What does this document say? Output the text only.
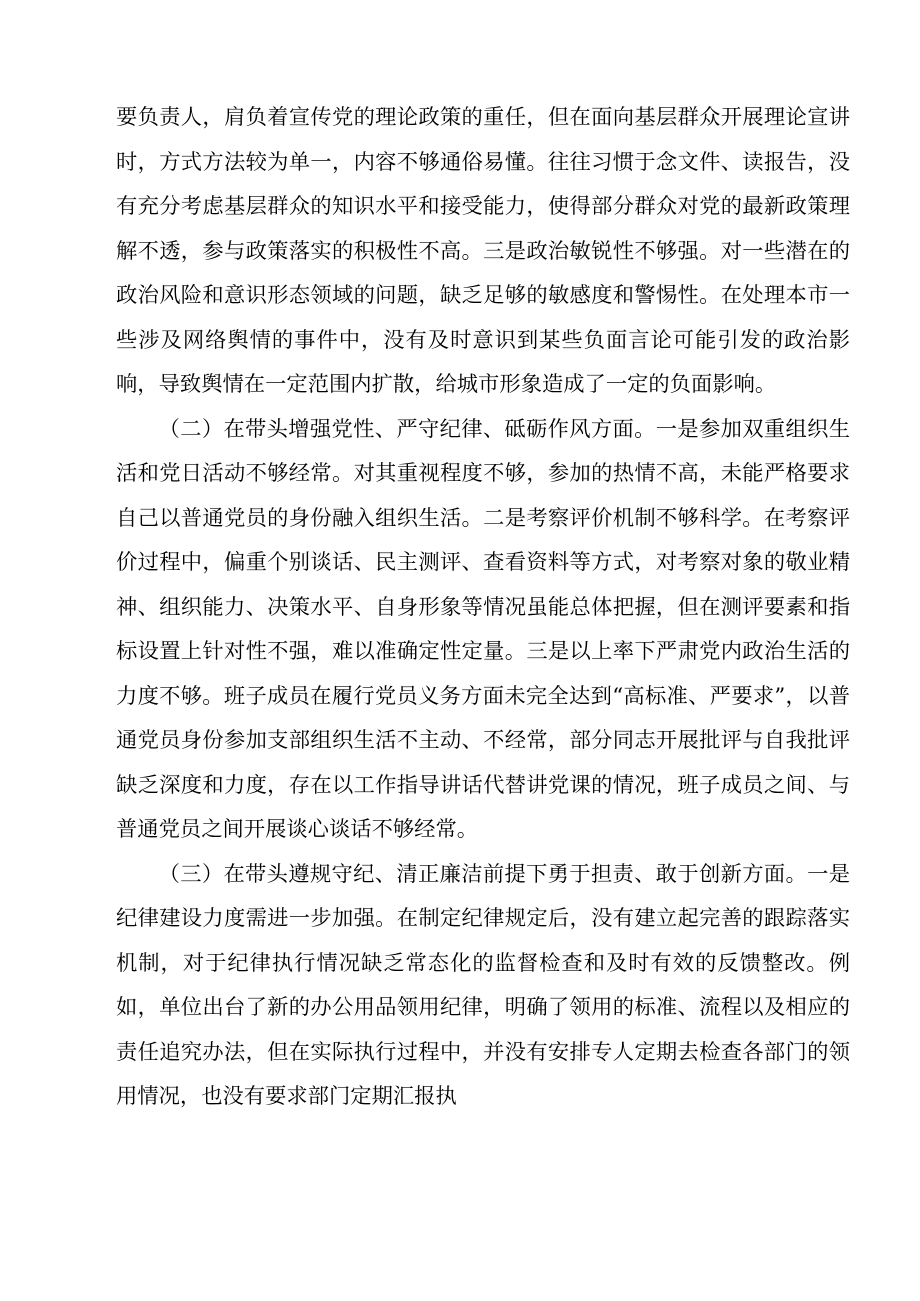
要负责人，肩负着宣传党的理论政策的重任，但在面向基层群众开展理论宣讲时，方式方法较为单一，内容不够通俗易懂。往往习惯于念文件、读报告，没有充分考虑基层群众的知识水平和接受能力，使得部分群众对党的最新政策理解不透，参与政策落实的积极性不高。三是政治敏锐性不够强。对一些潜在的政治风险和意识形态领域的问题，缺乏足够的敏感度和警惕性。在处理本市一些涉及网络舆情的事件中，没有及时意识到某些负面言论可能引发的政治影响，导致舆情在一定范围内扩散，给城市形象造成了一定的负面影响。

（二）在带头增强党性、严守纪律、砥砺作风方面。一是参加双重组织生活和党日活动不够经常。对其重视程度不够，参加的热情不高，未能严格要求自己以普通党员的身份融入组织生活。二是考察评价机制不够科学。在考察评价过程中，偏重个别谈话、民主测评、查看资料等方式，对考察对象的敬业精神、组织能力、决策水平、自身形象等情况虽能总体把握，但在测评要素和指标设置上针对性不强，难以准确定性定量。三是以上率下严肃党内政治生活的力度不够。班子成员在履行党员义务方面未完全达到“高标准、严要求”，以普通党员身份参加支部组织生活不主动、不经常，部分同志开展批评与自我批评缺乏深度和力度，存在以工作指导讲话代替讲党课的情况，班子成员之间、与普通党员之间开展谈心谈话不够经常。

（三）在带头遵规守纪、清正廉洁前提下勇于担责、敢于创新方面。一是纪律建设力度需进一步加强。在制定纪律规定后，没有建立起完善的跟踪落实机制，对于纪律执行情况缺乏常态化的监督检查和及时有效的反馈整改。例如，单位出台了新的办公用品领用纪律，明确了领用的标准、流程以及相应的责任追究办法，但在实际执行过程中，并没有安排专人定期去检查各部门的领用情况，也没有要求部门定期汇报执
